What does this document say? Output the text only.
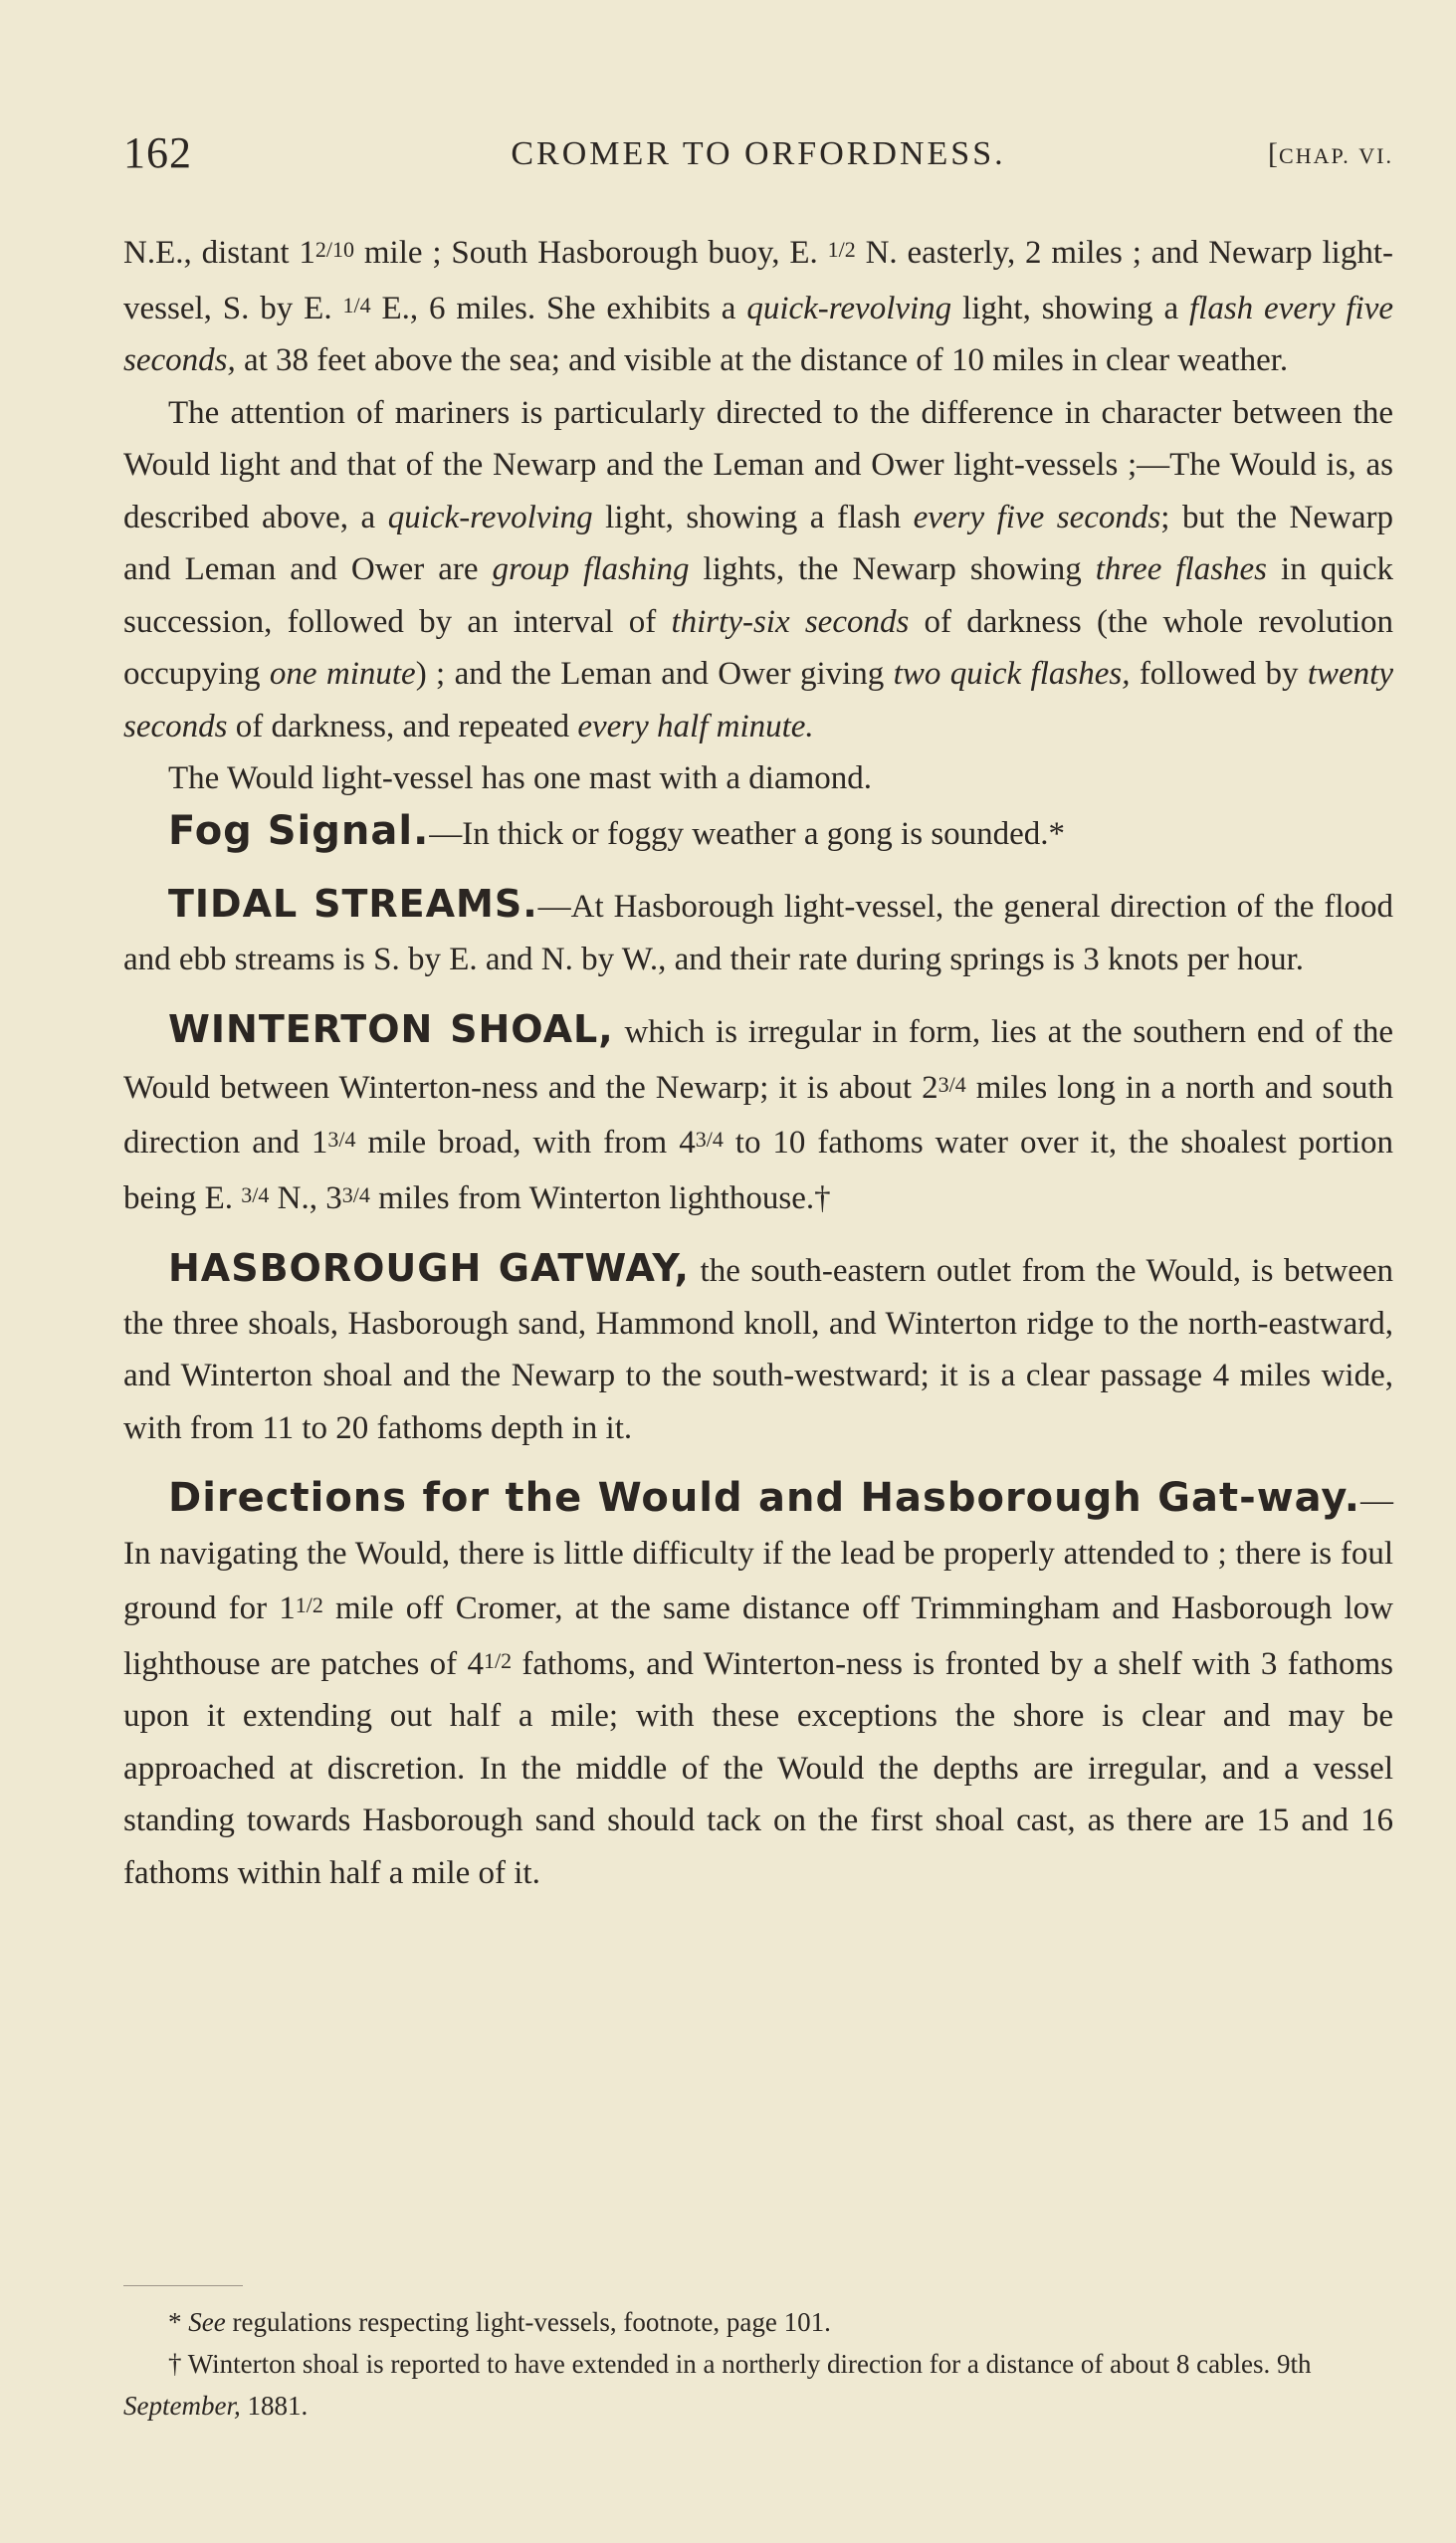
162	CROMER TO ORFORDNESS.	[CHAP. VI.

N.E., distant 12/10 mile ; South Hasborough buoy, E. 1/2 N. easterly, 2 miles ; and Newarp light-vessel, S. by E. 1/4 E., 6 miles. She exhibits a quick-revolving light, showing a flash every five seconds, at 38 feet above the sea; and visible at the distance of 10 miles in clear weather.

The attention of mariners is particularly directed to the difference in character between the Would light and that of the Newarp and the Leman and Ower light-vessels ;—The Would is, as described above, a quick-revolving light, showing a flash every five seconds; but the Newarp and Leman and Ower are group flashing lights, the Newarp showing three flashes in quick succession, followed by an interval of thirty-six seconds of darkness (the whole revolution occupying one minute) ; and the Leman and Ower giving two quick flashes, followed by twenty seconds of darkness, and repeated every half minute.

The Would light-vessel has one mast with a diamond.

Fog Signal.—In thick or foggy weather a gong is sounded.*

TIDAL STREAMS.—At Hasborough light-vessel, the general direction of the flood and ebb streams is S. by E. and N. by W., and their rate during springs is 3 knots per hour.

WINTERTON SHOAL, which is irregular in form, lies at the southern end of the Would between Winterton-ness and the Newarp; it is about 23/4 miles long in a north and south direction and 13/4 mile broad, with from 43/4 to 10 fathoms water over it, the shoalest portion being E. 3/4 N., 33/4 miles from Winterton lighthouse.†

HASBOROUGH GATWAY, the south-eastern outlet from the Would, is between the three shoals, Hasborough sand, Hammond knoll, and Winterton ridge to the north-eastward, and Winterton shoal and the Newarp to the south-westward; it is a clear passage 4 miles wide, with from 11 to 20 fathoms depth in it.

Directions for the Would and Hasborough Gat-way.—In navigating the Would, there is little difficulty if the lead be properly attended to ; there is foul ground for 11/2 mile off Cromer, at the same distance off Trimmingham and Hasborough low lighthouse are patches of 41/2 fathoms, and Winterton-ness is fronted by a shelf with 3 fathoms upon it extending out half a mile; with these exceptions the shore is clear and may be approached at discretion. In the middle of the Would the depths are irregular, and a vessel standing towards Hasborough sand should tack on the first shoal cast, as there are 15 and 16 fathoms within half a mile of it.

* See regulations respecting light-vessels, footnote, page 101.

† Winterton shoal is reported to have extended in a northerly direction for a distance of about 8 cables. 9th September, 1881.
